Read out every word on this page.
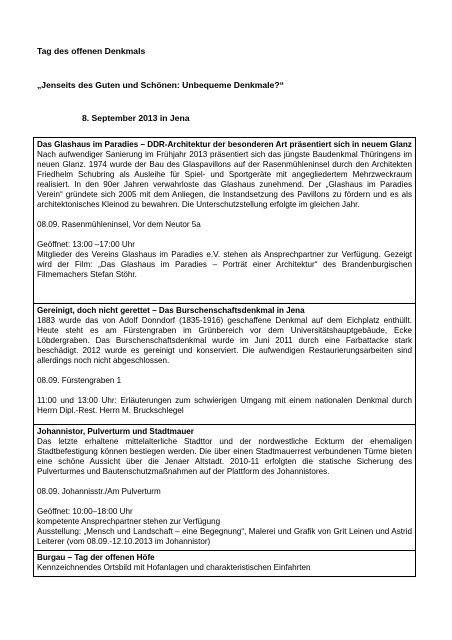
Tag des offenen Denkmals
„Jenseits des Guten und Schönen: Unbequeme Denkmale?“
8. September 2013 in Jena
Das Glashaus im Paradies – DDR-Architektur der besonderen Art präsentiert sich in neuem Glanz
Nach aufwendiger Sanierung im Frühjahr 2013 präsentiert sich das jüngste Baudenkmal Thüringens im neuen Glanz. 1974 wurde der Bau des Glaspavillons auf der Rasenmühleninsel durch den Architekten Friedhelm Schubring als Ausleihe für Spiel- und Sportgeräte mit angegliedertem Mehrzweckraum realisiert. In den 90er Jahren verwahrloste das Glashaus zunehmend. Der „Glashaus im Paradies Verein“ gründete sich 2005 mit dem Anliegen, die Instandsetzung des Pavillons zu fördern und es als architektonisches Kleinod zu bewahren. Die Unterschutzstellung erfolgte im gleichen Jahr.
08.09. Rasenmühleninsel, Vor dem Neutor 5a
Geöffnet: 13:00 –17:00 Uhr
Mitglieder des Vereins Glashaus im Paradies e.V. stehen als Ansprechpartner zur Verfügung. Gezeigt wird der Film: „Das Glashaus im Paradies – Porträt einer Architektur“ des Brandenburgischen Filmemachers Stefan Stöhr.

Gereinigt, doch nicht gerettet – Das Burschenschaftsdenkmal in Jena
1883 wurde das von Adolf Donndorf (1835-1916) geschaffene Denkmal auf dem Eichplatz enthüllt. Heute steht es am Fürstengraben im Grünbereich vor dem Universitätshauptgebäude, Ecke Löbdergraben. Das Burschenschaftsdenkmal wurde im Juni 2011 durch eine Farbattacke stark beschädigt. 2012 wurde es gereinigt und konserviert. Die aufwendigen Restaurierungsarbeiten sind allerdings noch nicht abgeschlossen.
08.09. Fürstengraben 1
11:00 und 13:00 Uhr: Erläuterungen zum schwierigen Umgang mit einem nationalen Denkmal durch Herrn Dipl.-Rest. Herrn M. Bruckschlegel

Johannistor, Pulverturm und Stadtmauer
Das letzte erhaltene mittelalterliche Stadttor und der nordwestliche Eckturm der ehemaligen Stadtbefestigung können bestiegen werden. Die über einen Stadtmauerrest verbundenen Türme bieten eine schöne Aussicht über die Jenaer Altstadt. 2010-11 erfolgten die statische Sicherung des Pulverturmes und Bautenschutzmaßnahmen auf der Plattform des Johannistores.
08.09. Johannisstr./Am Pulverturm
Geöffnet: 10:00–18:00 Uhr
kompetente Ansprechpartner stehen zur Verfügung
Ausstellung: „Mensch und Landschaft – eine Begegnung“, Malerei und Grafik von Grit Leinen und Astrid Leiterer (vom 08.09.-12.10.2013 im Johannistor)

Burgau – Tag der offenen Höfe
Kennzeichnendes Ortsbild mit Hofanlagen und charakteristischen Einfahrten
